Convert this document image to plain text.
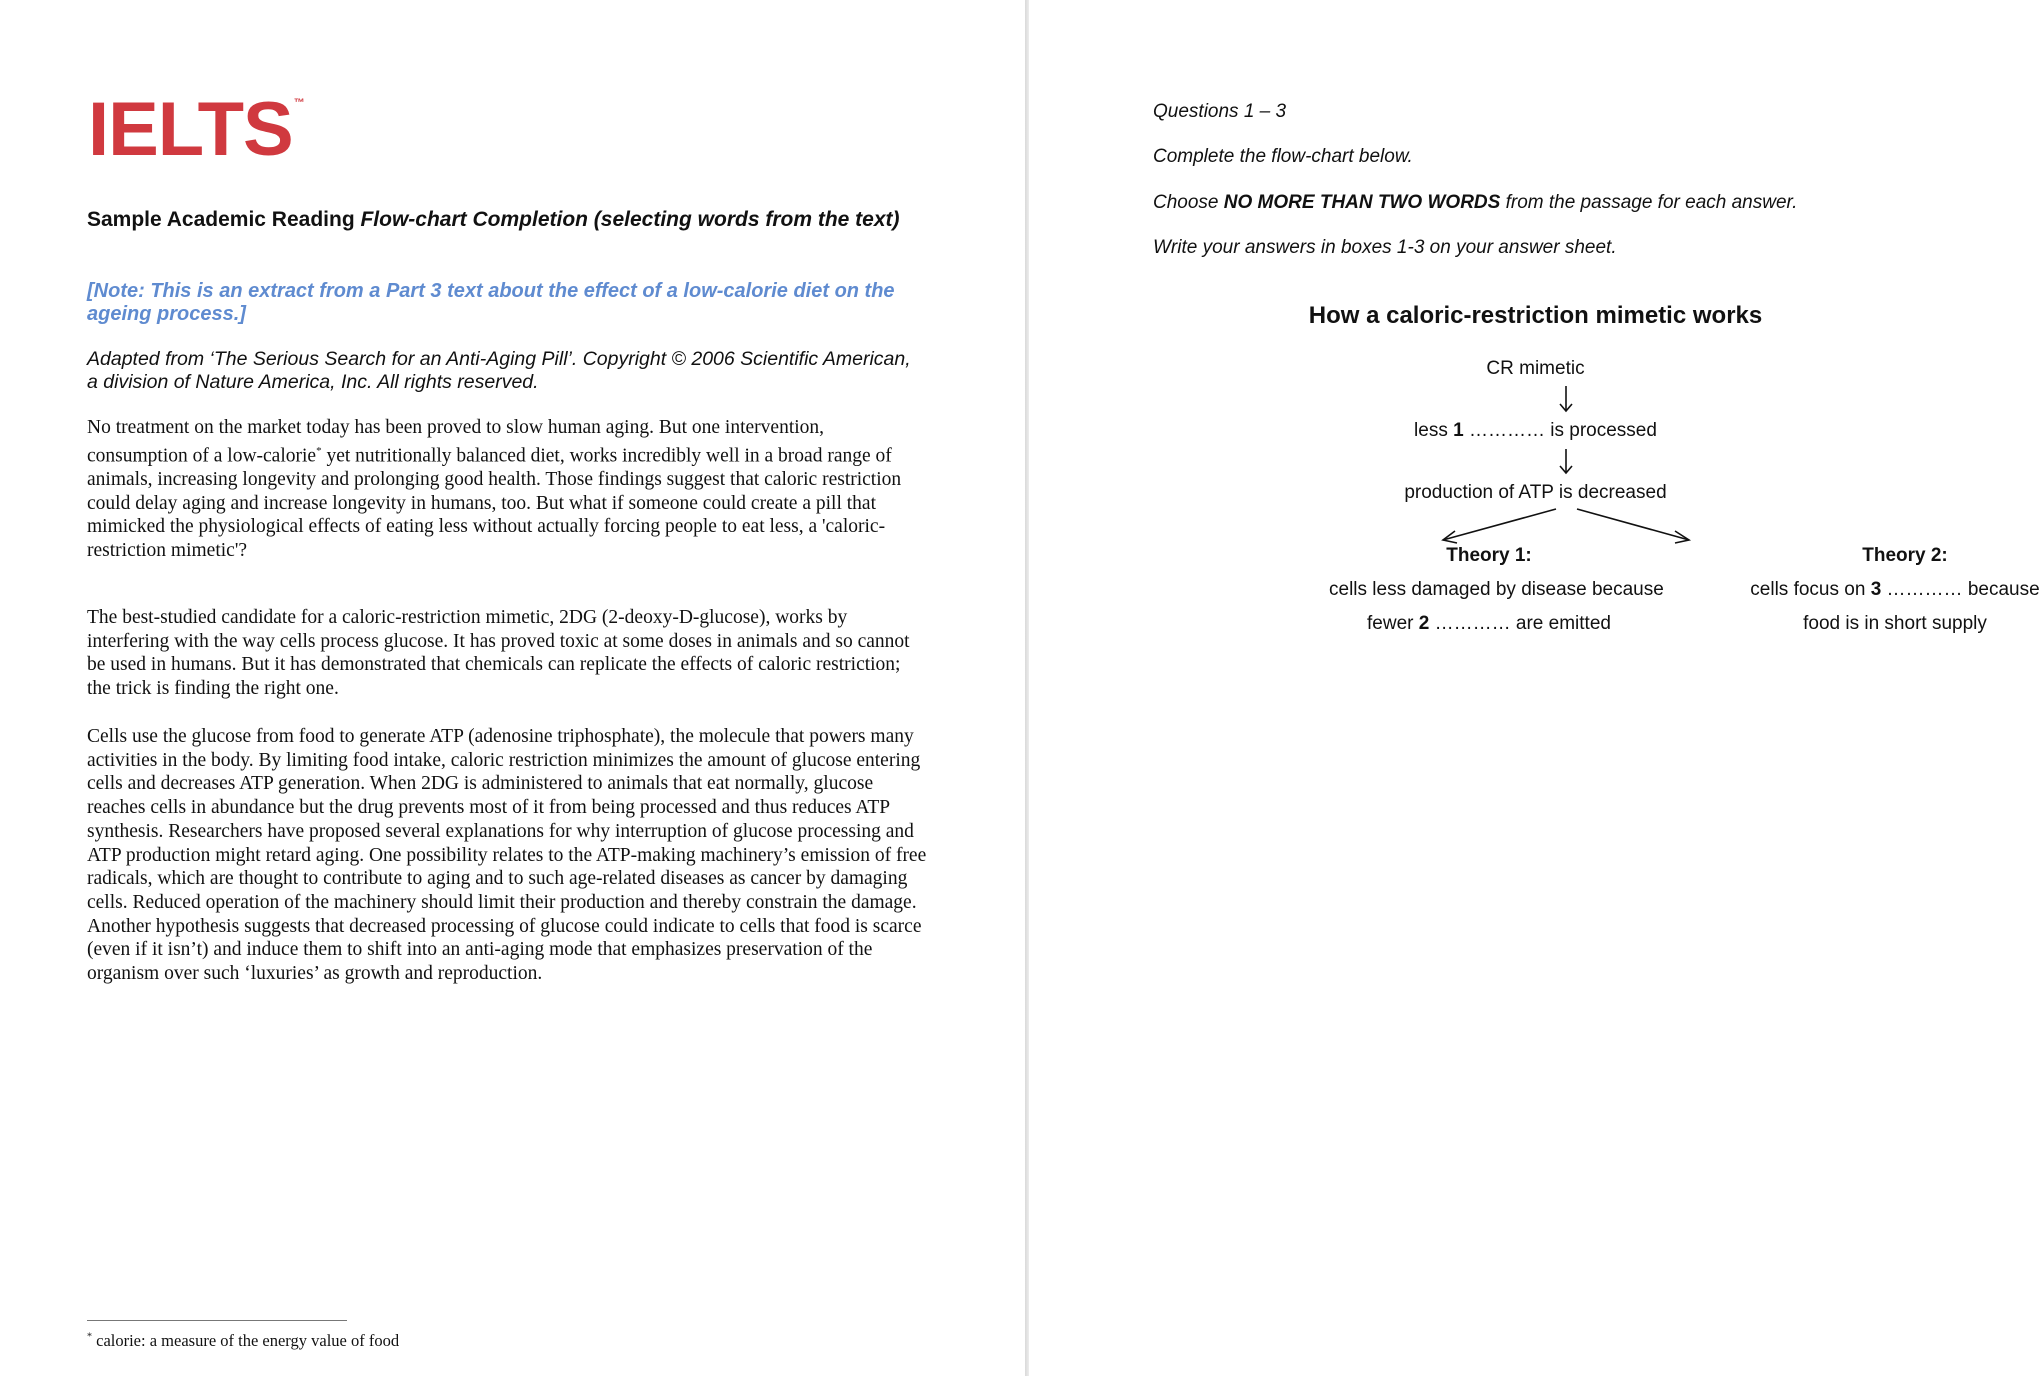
IELTS ™
Sample Academic Reading Flow-chart Completion (selecting words from the text)
[Note: This is an extract from a Part 3 text about the effect of a low-calorie diet on the ageing process.]
Adapted from ‘The Serious Search for an Anti-Aging Pill’. Copyright © 2006 Scientific American, a division of Nature America, Inc. All rights reserved.

No treatment on the market today has been proved to slow human aging. But one intervention, consumption of a low-calorie* yet nutritionally balanced diet, works incredibly well in a broad range of animals, increasing longevity and prolonging good health. Those findings suggest that caloric restriction could delay aging and increase longevity in humans, too. But what if someone could create a pill that mimicked the physiological effects of eating less without actually forcing people to eat less, a 'caloric-restriction mimetic'?

The best-studied candidate for a caloric-restriction mimetic, 2DG (2-deoxy-D-glucose), works by interfering with the way cells process glucose. It has proved toxic at some doses in animals and so cannot be used in humans. But it has demonstrated that chemicals can replicate the effects of caloric restriction; the trick is finding the right one.

Cells use the glucose from food to generate ATP (adenosine triphosphate), the molecule that powers many activities in the body. By limiting food intake, caloric restriction minimizes the amount of glucose entering cells and decreases ATP generation. When 2DG is administered to animals that eat normally, glucose reaches cells in abundance but the drug prevents most of it from being processed and thus reduces ATP synthesis. Researchers have proposed several explanations for why interruption of glucose processing and ATP production might retard aging. One possibility relates to the ATP-making machinery’s emission of free radicals, which are thought to contribute to aging and to such age-related diseases as cancer by damaging cells. Reduced operation of the machinery should limit their production and thereby constrain the damage. Another hypothesis suggests that decreased processing of glucose could indicate to cells that food is scarce (even if it isn’t) and induce them to shift into an anti-aging mode that emphasizes preservation of the organism over such ‘luxuries’ as growth and reproduction.

* calorie: a measure of the energy value of food
Questions 1 – 3
Complete the flow-chart below.
Choose NO MORE THAN TWO WORDS from the passage for each answer.
Write your answers in boxes 1-3 on your answer sheet.
How a caloric-restriction mimetic works
CR mimetic
less 1 ………… is processed
production of ATP is decreased
Theory 1:
cells less damaged by disease because
fewer 2 ………… are emitted
Theory 2:
cells focus on 3 ………… because
food is in short supply
